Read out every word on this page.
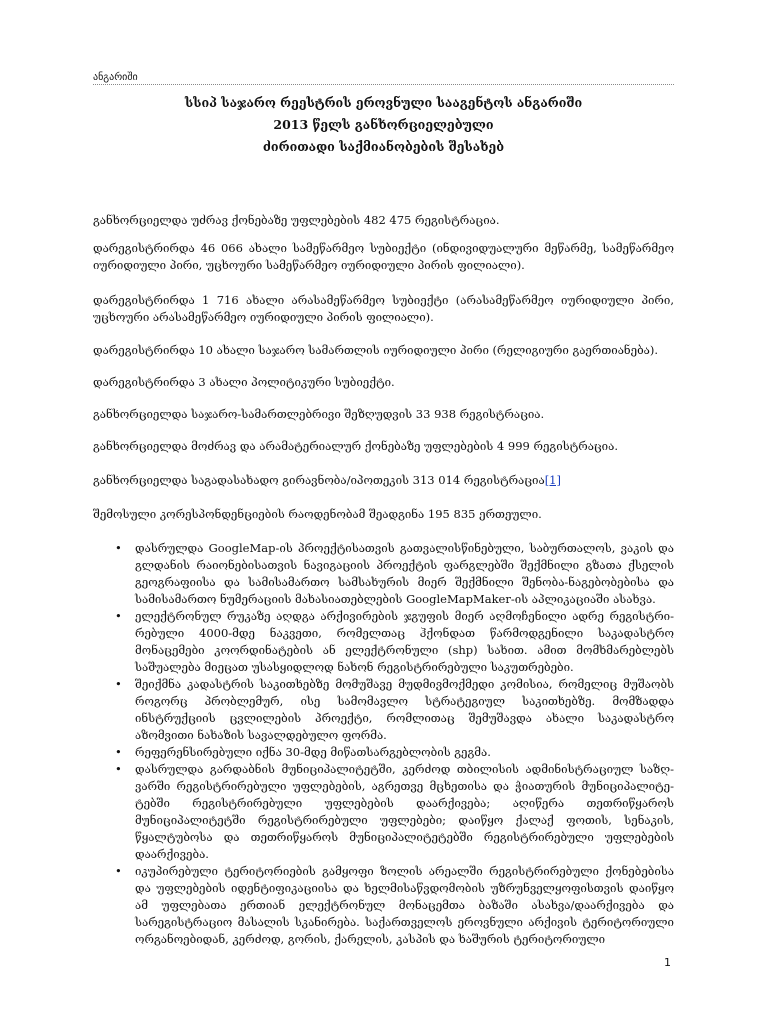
ანგარიში
სსიპ საჯარო რეესტრის ეროვნული სააგენტოს ანგარიში
2013 წელს განხორციელებული
ძირითადი საქმიანობების შესახებ

განხორციელდა უძრავ ქონებაზე უფლებების 482 475 რეგისტრაცია.

დარეგისტრირდა 46 066 ახალი სამეწარმეო სუბიექტი (ინდივიდუალური მეწარმე, სამეწარმეო იურიდიული პირი, უცხოური სამეწარმეო იურიდიული პირის ფილიალი).

დარეგისტრირდა 1 716 ახალი არასამეწარმეო სუბიექტი (არასამეწარმეო იურიდიული პირი, უცხოური არასამეწარმეო იურიდიული პირის ფილიალი).

დარეგისტრირდა 10 ახალი საჯარო სამართლის იურიდიული პირი (რელიგიური გაერთიანება).

დარეგისტრირდა 3 ახალი პოლიტიკური სუბიექტი.

განხორციელდა საჯარო-სამართლებრივი შეზღუდვის 33 938 რეგისტრაცია.

განხორციელდა მოძრავ და არამატერიალურ ქონებაზე უფლებების 4 999 რეგისტრაცია.

განხორციელდა საგადასახადო გირავნობა/იპოთეკის 313 014 რეგისტრაცია[1]

შემოსული კორესპონდენციების რაოდენობამ შეადგინა 195 835 ერთეული.

• დასრულდა GoogleMap-ის პროექტისათვის გათვალისწინებული, საბურთალოს, ვაკის და გლდანის რაიონებისათვის ნავიგაციის პროექტის ფარგლებში შექმნილი გზათა ქსელის გეოგრაფიისა და სამისამართო სამსახურის მიერ შექმნილი შენობა-ნაგებობებისა და სამისამართო ნუმერაციის მახასიათებლების GoogleMapMaker-ის აპლიკაციაში ასახვა.
• ელექტრონულ რუკაზე აღდგა არქივირების ჯგუფის მიერ აღმოჩენილი ადრე რეგისტრი-რებული 4000-მდე ნაკვეთი, რომელთაც ჰქონდათ წარმოდგენილი საკადასტრო მონაცემები კოორდინატების ან ელექტრონული (shp) სახით. ამით მომხმარებლებს საშუალება მიეცათ უსასყიდლოდ ნახონ რეგისტრირებული საკუთრებები.
• შეიქმნა კადასტრის საკითხებზე მომუშავე მუდმივმოქმედი კომისია, რომელიც მუშაობს როგორც პრობლემურ, ისე სამომავლო სტრატეგიულ საკითხებზე. მომზადდა ინსტრუქციის ცვლილების პროექტი, რომლითაც შემუშავდა ახალი საკადასტრო აზომვითი ნახაზის სავალდებულო ფორმა.
• რეფერენსირებული იქნა 30-მდე მიწათსარგებლობის გეგმა.
• დასრულდა გარდაბნის მუნიციპალიტეტში, კერძოდ თბილისის ადმინისტრაციულ საზღ-ვარში რეგისტრირებული უფლებების, აგრეთვე მცხეთისა და ჭიათურის მუნიციპალიტე-ტებში რეგისტრირებული უფლებების დაარქივება; აღიწერა თეთრიწყაროს მუნიციპალიტეტში რეგისტრირებული უფლებები; დაიწყო ქალაქ ფოთის, სენაკის, წყალტუბოსა და თეთრიწყაროს მუნიციპალიტეტებში რეგისტრირებული უფლებების დაარქივება.
• იკუპირებული ტერიტორიების გამყოფი ზოლის არეალში რეგისტრირებული ქონებებისა და უფლებების იდენტიფიკაციისა და ხელმისაწვდომობის უზრუნველყოფისთვის დაიწყო ამ უფლებათა ერთიან ელექტრონულ მონაცემთა ბაზაში ასახვა/დაარქივება და სარეგისტრაციო მასალის სკანირება. საქართველოს ეროვნული არქივის ტერიტორიული ორგანოებიდან, კერძოდ, გორის, ქარელის, კასპის და ხაშურის ტერიტორიული
1
